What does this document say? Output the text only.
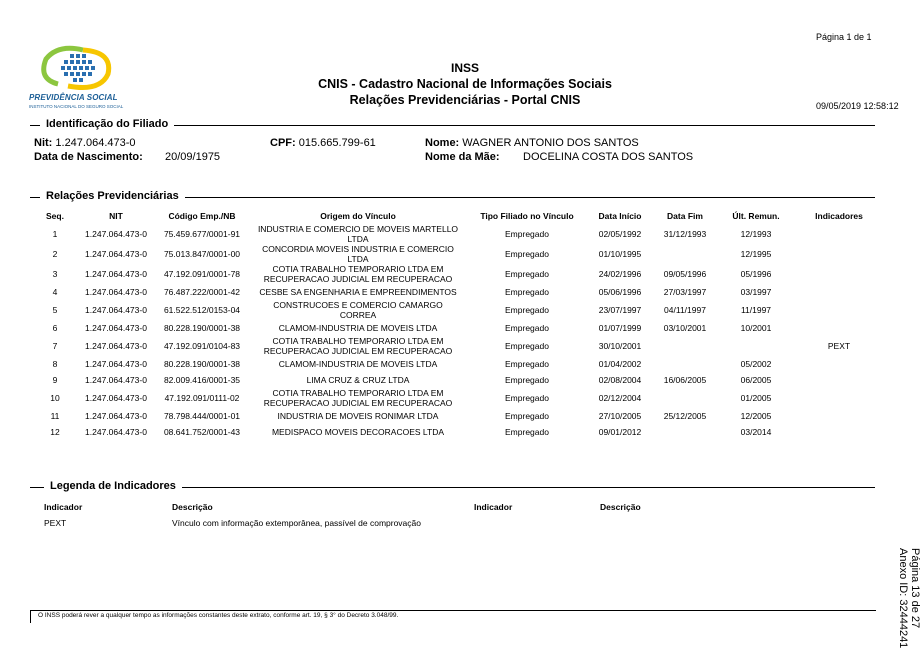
Página 1 de 1
PREVIDÊNCIA SOCIAL
INSTITUTO NACIONAL DO SEGURO SOCIAL
INSS
CNIS - Cadastro Nacional de Informações Sociais
Relações Previdenciárias - Portal CNIS	09/05/2019 12:58:12
Identificação do Filiado
Nit: 1.247.064.473-0	CPF: 015.665.799-61	Nome: WAGNER ANTONIO DOS SANTOS
Data de Nascimento: 20/09/1975	Nome da Mãe: DOCELINA COSTA DOS SANTOS
Relações Previdenciárias
Seq.	NIT	Código Emp./NB	Origem do Vínculo	Tipo Filiado no Vínculo	Data Início	Data Fim	Últ. Remun.	Indicadores
1	1.247.064.473-0	75.459.677/0001-91	INDUSTRIA E COMERCIO DE MOVEIS MARTELLO LTDA	Empregado	02/05/1992	31/12/1993	12/1993	
2	1.247.064.473-0	75.013.847/0001-00	CONCORDIA MOVEIS INDUSTRIA E COMERCIO LTDA	Empregado	01/10/1995		12/1995	
3	1.247.064.473-0	47.192.091/0001-78	COTIA TRABALHO TEMPORARIO LTDA EM RECUPERACAO JUDICIAL EM RECUPERACAO	Empregado	24/02/1996	09/05/1996	05/1996	
4	1.247.064.473-0	76.487.222/0001-42	CESBE SA ENGENHARIA E EMPREENDIMENTOS	Empregado	05/06/1996	27/03/1997	03/1997	
5	1.247.064.473-0	61.522.512/0153-04	CONSTRUCOES E COMERCIO CAMARGO CORREA	Empregado	23/07/1997	04/11/1997	11/1997	
6	1.247.064.473-0	80.228.190/0001-38	CLAMOM-INDUSTRIA DE MOVEIS LTDA	Empregado	01/07/1999	03/10/2001	10/2001	
7	1.247.064.473-0	47.192.091/0104-83	COTIA TRABALHO TEMPORARIO LTDA EM RECUPERACAO JUDICIAL EM RECUPERACAO	Empregado	30/10/2001			PEXT
8	1.247.064.473-0	80.228.190/0001-38	CLAMOM-INDUSTRIA DE MOVEIS LTDA	Empregado	01/04/2002		05/2002	
9	1.247.064.473-0	82.009.416/0001-35	LIMA CRUZ & CRUZ LTDA	Empregado	02/08/2004	16/06/2005	06/2005	
10	1.247.064.473-0	47.192.091/0111-02	COTIA TRABALHO TEMPORARIO LTDA EM RECUPERACAO JUDICIAL EM RECUPERACAO	Empregado	02/12/2004		01/2005	
11	1.247.064.473-0	78.798.444/0001-01	INDUSTRIA DE MOVEIS RONIMAR LTDA	Empregado	27/10/2005	25/12/2005	12/2005	
12	1.247.064.473-0	08.641.752/0001-43	MEDISPACO MOVEIS DECORACOES LTDA	Empregado	09/01/2012		03/2014	
Legenda de Indicadores
Indicador	Descrição	Indicador	Descrição
PEXT	Vínculo com informação extemporânea, passível de comprovação
O INSS poderá rever a qualquer tempo as informações constantes deste extrato, conforme art. 19, § 3° do Decreto 3.048/99.	Página 13 de 27
Anexo ID: 32444241
